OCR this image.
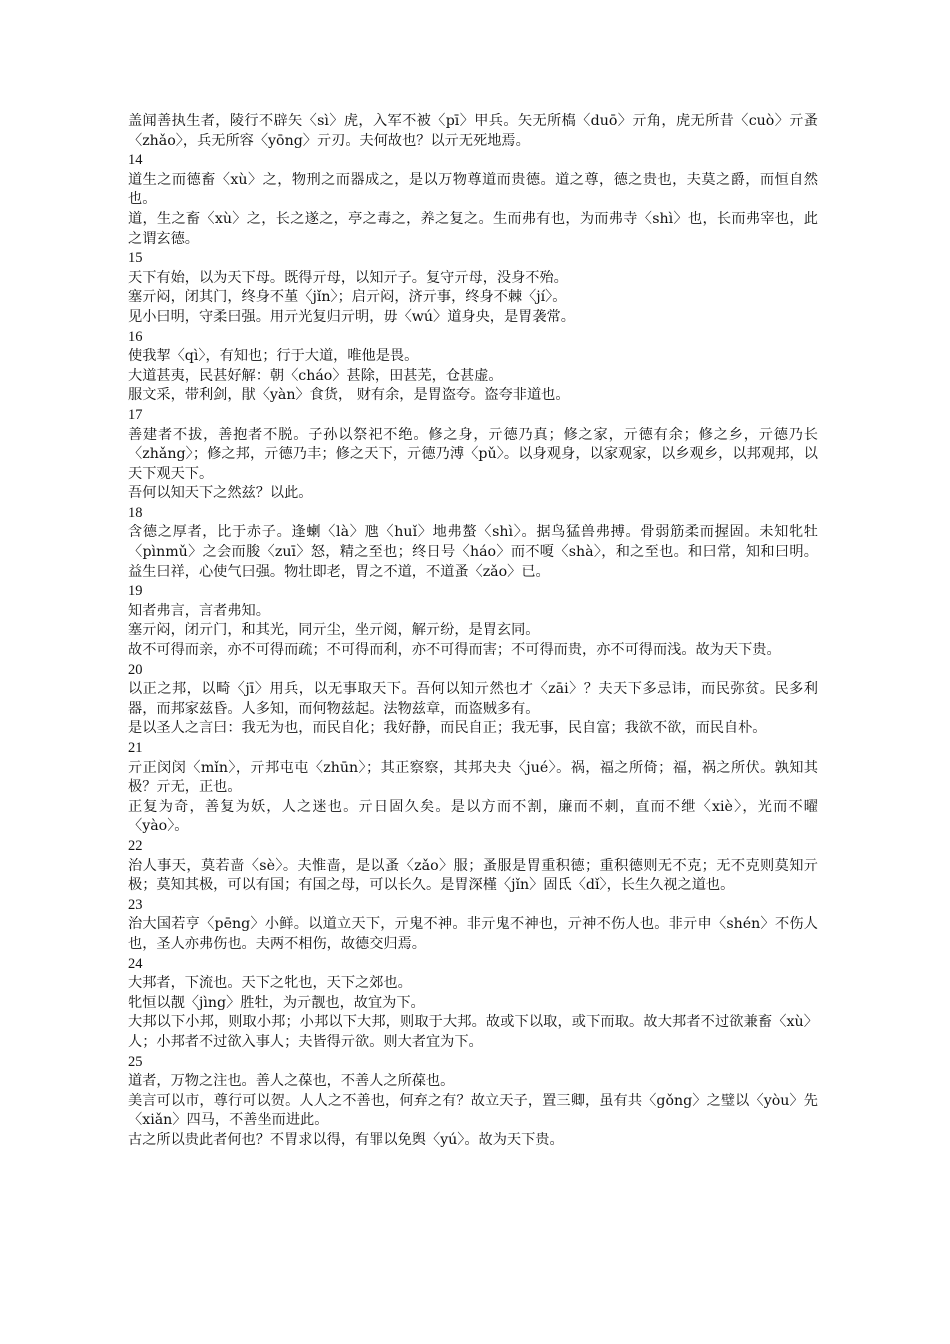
盖闻善执生者，陵行不辟矢〈sì〉虎，入军不被〈pī〉甲兵。矢无所槗〈duō〉亓角，虎无所昔〈cuò〉亓蚤〈zhǎo〉，兵无所容〈yōng〉亓刃。夫何故也？以亓无死地焉。

14

道生之而德畜〈xù〉之，物刑之而器成之，是以万物尊道而贵德。道之尊，德之贵也，夫莫之爵，而恒自然也。

道，生之畜〈xù〉之，长之遂之，亭之毒之，养之复之。生而弗有也，为而弗寺〈shì〉也，长而弗宰也，此之谓玄德。

15

天下有始，以为天下母。既得亓母，以知亓子。复守亓母，没身不殆。

塞亓闷，闭其门，终身不堇〈jǐn〉；启亓闷，济亓事，终身不棘〈jí〉。

见小曰明，守柔曰强。用亓光复归亓明，毋〈wú〉道身央，是胃袭常。

16

使我挈〈qì〉，有知也；行于大道，唯他是畏。

大道甚夷，民甚好解：朝〈cháo〉甚除，田甚芜，仓甚虚。

服文采，带利剑，猒〈yàn〉食货， 财有余，是胃盗夸。盗夸非道也。

17

善建者不拔，善抱者不脱。子孙以祭祀不绝。修之身，亓德乃真；修之家，亓德有余；修之乡，亓德乃长〈zhǎng〉；修之邦，亓德乃丰；修之天下，亓德乃溥〈pǔ〉。以身观身，以家观家，以乡观乡，以邦观邦，以天下观天下。

吾何以知天下之然兹？以此。

18

含德之厚者，比于赤子。逢蝲〈là〉虺〈huǐ〉地弗螯〈shì〉。据鸟猛兽弗搏。骨弱筋柔而握固。未知牝牡〈pìnmǔ〉之会而朘〈zuī〉怒，精之至也；终日号〈háo〉而不嗄〈shà〉，和之至也。和曰常，知和曰明。益生曰祥，心使气曰强。物壮即老，胃之不道，不道蚤〈zǎo〉已。

19

知者弗言，言者弗知。

塞亓闷，闭亓门，和其光，同亓尘，坐亓阅，解亓纷，是胃玄同。

故不可得而亲，亦不可得而疏；不可得而利，亦不可得而害；不可得而贵，亦不可得而浅。故为天下贵。

20

以正之邦，以畸〈jī〉用兵，以无事取天下。吾何以知亓然也才〈zāi〉？夫天下多忌讳，而民弥贫。民多利器，而邦家兹昏。人多知，而何物兹起。法物兹章，而盗贼多有。

是以圣人之言曰：我无为也，而民自化；我好静，而民自正；我无事，民自富；我欲不欲，而民自朴。

21

亓正闵闵〈mǐn〉，亓邦屯屯〈zhūn〉；其正察察，其邦夬夬〈jué〉。祸，福之所倚；福，祸之所伏。孰知其极？亓无，正也。

正复为奇，善复为妖，人之迷也。亓日固久矣。是以方而不割，廉而不刺，直而不绁〈xiè〉，光而不曜〈yào〉。

22

治人事天，莫若啬〈sè〉。夫惟啬，是以蚤〈zǎo〉服；蚤服是胃重积德；重积德则无不克；无不克则莫知亓极；莫知其极，可以有国；有国之母，可以长久。是胃深槿〈jǐn〉固氐〈dǐ〉，长生久视之道也。

23

治大国若亨〈pēng〉小鲜。以道立天下，亓鬼不神。非亓鬼不神也，亓神不伤人也。非亓申〈shén〉不伤人也，圣人亦弗伤也。夫两不相伤，故德交归焉。

24

大邦者，下流也。天下之牝也，天下之郊也。

牝恒以靓〈jìng〉胜牡，为亓靓也，故宜为下。

大邦以下小邦，则取小邦；小邦以下大邦，则取于大邦。故或下以取，或下而取。故大邦者不过欲兼畜〈xù〉人；小邦者不过欲入事人；夫皆得亓欲。则大者宜为下。

25

道者，万物之注也。善人之葆也，不善人之所葆也。

美言可以市，尊行可以贺。人人之不善也，何弃之有？故立天子，置三卿，虽有共〈gǒng〉之璧以〈yòu〉先〈xiǎn〉四马，不善坐而进此。

古之所以贵此者何也？不胃求以得，有罪以免舆〈yú〉。故为天下贵。
